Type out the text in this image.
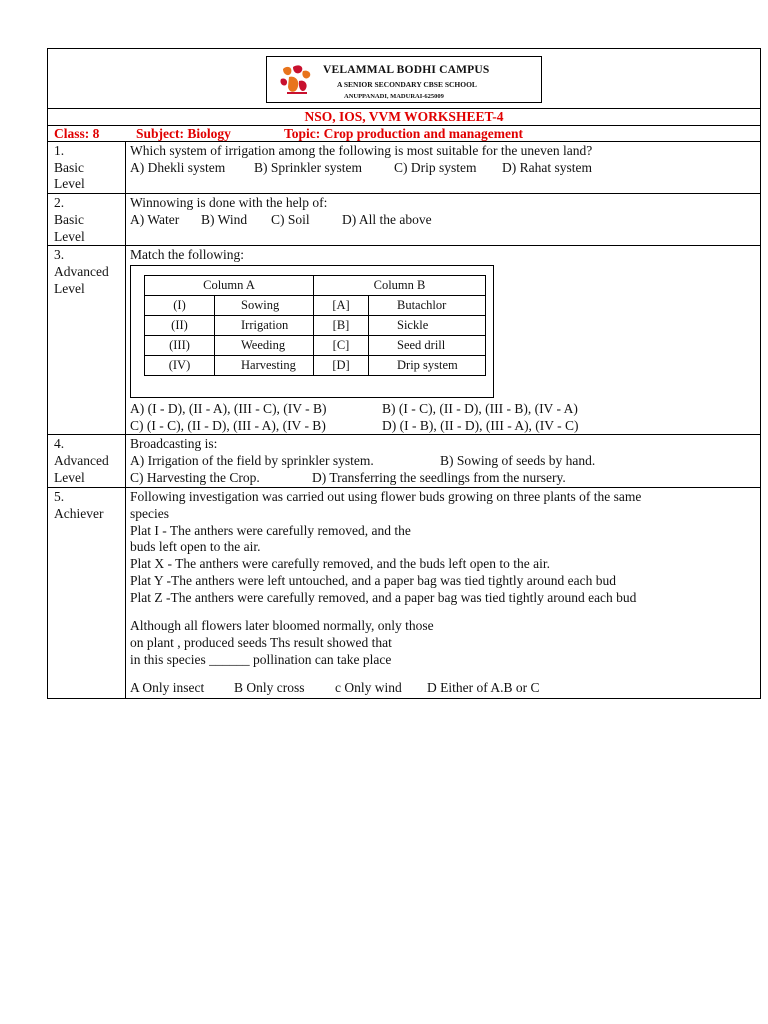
VELAMMAL BODHI CAMPUS
A SENIOR SECONDARY CBSE SCHOOL
ANUPPANADI, MADURAI-625009

NSO, IOS, VVM WORKSHEET-4
Class: 8	Subject: Biology	Topic: Crop production and management

1.
Basic
Level

Which system of irrigation among the following is most suitable for the uneven land?
A) Dhekli system B) Sprinkler system C) Drip system D) Rahat system

2.
Basic
Level

Winnowing is done with the help of:
A) Water B) Wind C) Soil D) All the above

3.
Advanced
Level

Match the following:
Column A	Column B
(I)	Sowing	[A]	Butachlor
(II)	Irrigation	[B]	Sickle
(III)	Weeding	[C]	Seed drill
(IV)	Harvesting	[D]	Drip system
A) (I - D), (II - A), (III - C), (IV - B)	B) (I - C), (II - D), (III - B), (IV - A)
C) (I - C), (II - D), (III - A), (IV - B)	D) (I - B), (II - D), (III - A), (IV - C)

4.
Advanced
Level

Broadcasting is:
A) Irrigation of the field by sprinkler system.	B) Sowing of seeds by hand.
C) Harvesting the Crop.	D) Transferring the seedlings from the nursery.

5.
Achiever

Following investigation was carried out using flower buds growing on three plants of the same
species
Plat I - The anthers were carefully removed, and the
buds left open to the air.
Plat X - The anthers were carefully removed, and the buds left open to the air.
Plat Y -The anthers were left untouched, and a paper bag was tied tightly around each bud
Plat Z -The anthers were carefully removed, and a paper bag was tied tightly around each bud
Although all flowers later bloomed normally, only those
on plant , produced seeds Ths result showed that
in this species ______ pollination can take place
A Only insect B Only cross c Only wind D Either of A.B or C
